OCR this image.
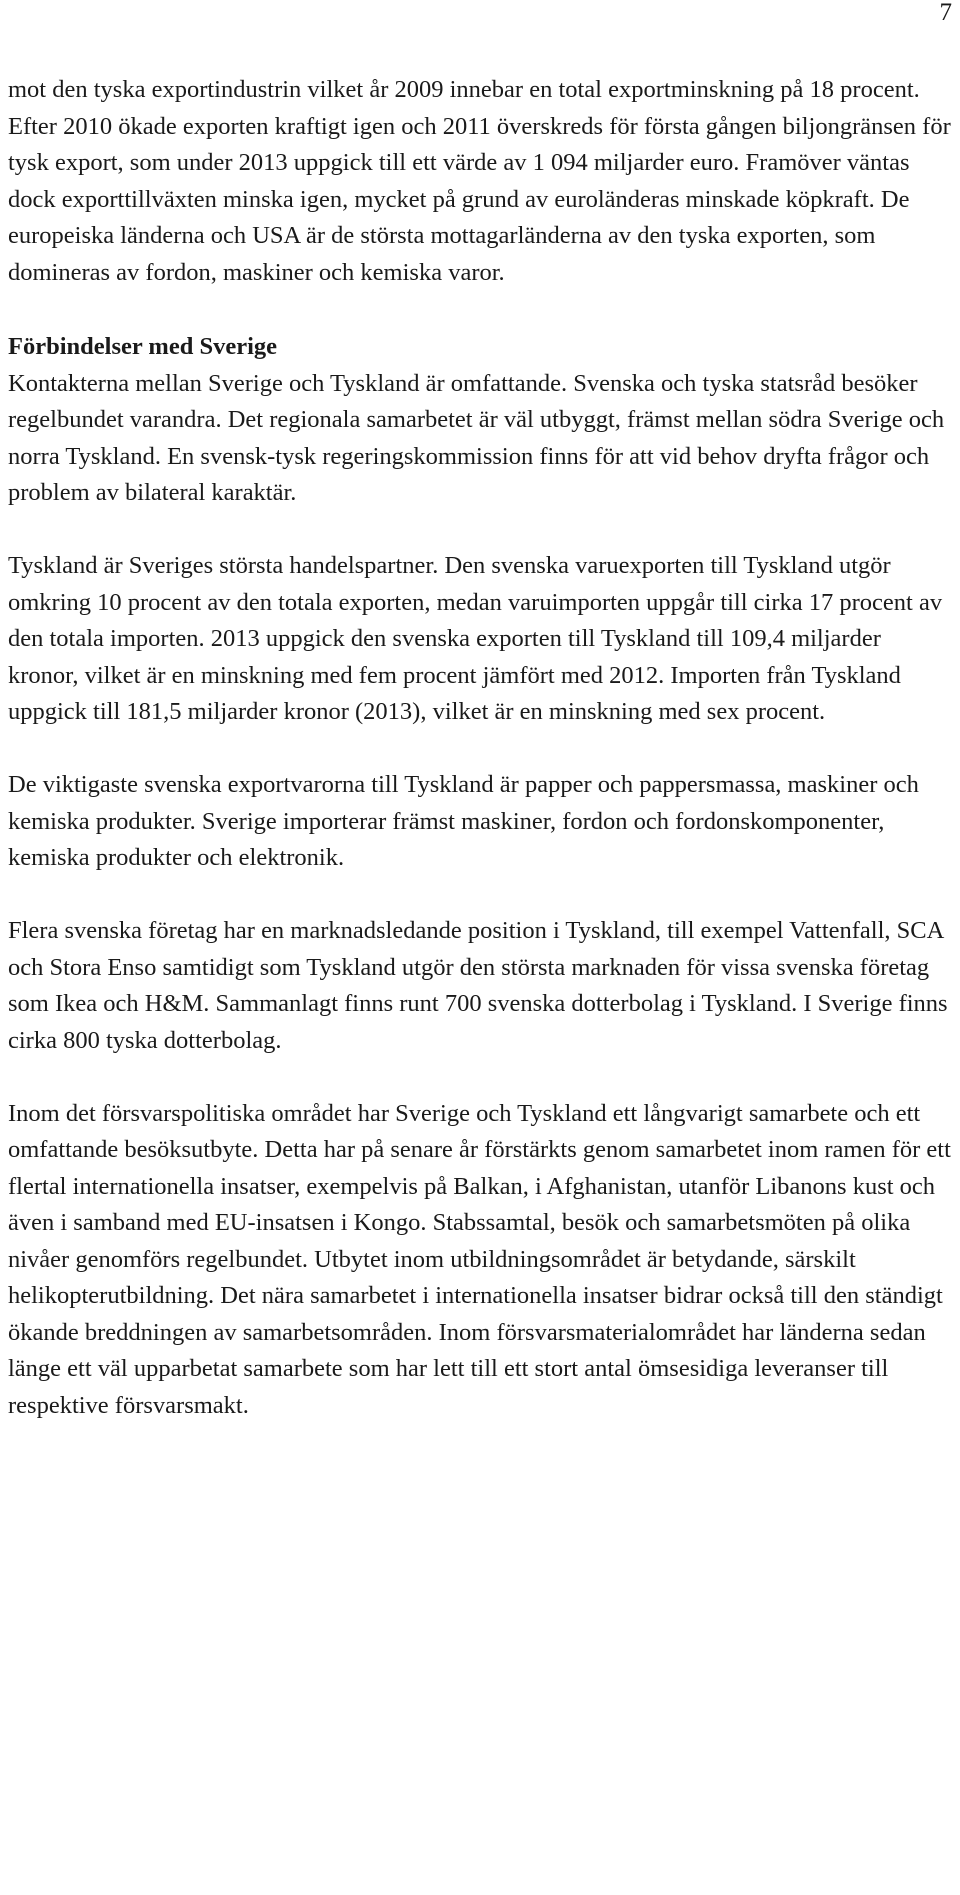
7

mot den tyska exportindustrin vilket år 2009 innebar en total exportminskning på 18 procent. Efter 2010 ökade exporten kraftigt igen och 2011 överskreds för första gången biljongränsen för tysk export, som under 2013 uppgick till ett värde av 1 094 miljarder euro. Framöver väntas dock exporttillväxten minska igen, mycket på grund av euroländeras minskade köpkraft. De europeiska länderna och USA är de största mottagarländerna av den tyska exporten, som domineras av fordon, maskiner och kemiska varor.

Förbindelser med Sverige

Kontakterna mellan Sverige och Tyskland är omfattande. Svenska och tyska statsråd besöker regelbundet varandra. Det regionala samarbetet är väl utbyggt, främst mellan södra Sverige och norra Tyskland. En svensk-tysk regeringskommission finns för att vid behov dryfta frågor och problem av bilateral karaktär.

Tyskland är Sveriges största handelspartner. Den svenska varuexporten till Tyskland utgör omkring 10 procent av den totala exporten, medan varuimporten uppgår till cirka 17 procent av den totala importen. 2013 uppgick den svenska exporten till Tyskland till 109,4 miljarder kronor, vilket är en minskning med fem procent jämfört med 2012. Importen från Tyskland uppgick till 181,5 miljarder kronor (2013), vilket är en minskning med sex procent.

De viktigaste svenska exportvarorna till Tyskland är papper och pappersmassa, maskiner och kemiska produkter. Sverige importerar främst maskiner, fordon och fordonskomponenter, kemiska produkter och elektronik.

Flera svenska företag har en marknadsledande position i Tyskland, till exempel Vattenfall, SCA och Stora Enso samtidigt som Tyskland utgör den största marknaden för vissa svenska företag som Ikea och H&M. Sammanlagt finns runt 700 svenska dotterbolag i Tyskland. I Sverige finns cirka 800 tyska dotterbolag.

Inom det försvarspolitiska området har Sverige och Tyskland ett långvarigt samarbete och ett omfattande besöksutbyte. Detta har på senare år förstärkts genom samarbetet inom ramen för ett flertal internationella insatser, exempelvis på Balkan, i Afghanistan, utanför Libanons kust och även i samband med EU-insatsen i Kongo. Stabssamtal, besök och samarbetsmöten på olika nivåer genomförs regelbundet. Utbytet inom utbildningsområdet är betydande, särskilt helikopterutbildning. Det nära samarbetet i internationella insatser bidrar också till den ständigt ökande breddningen av samarbetsområden. Inom försvarsmaterialområdet har länderna sedan länge ett väl upparbetat samarbete som har lett till ett stort antal ömsesidiga leveranser till respektive försvarsmakt.
